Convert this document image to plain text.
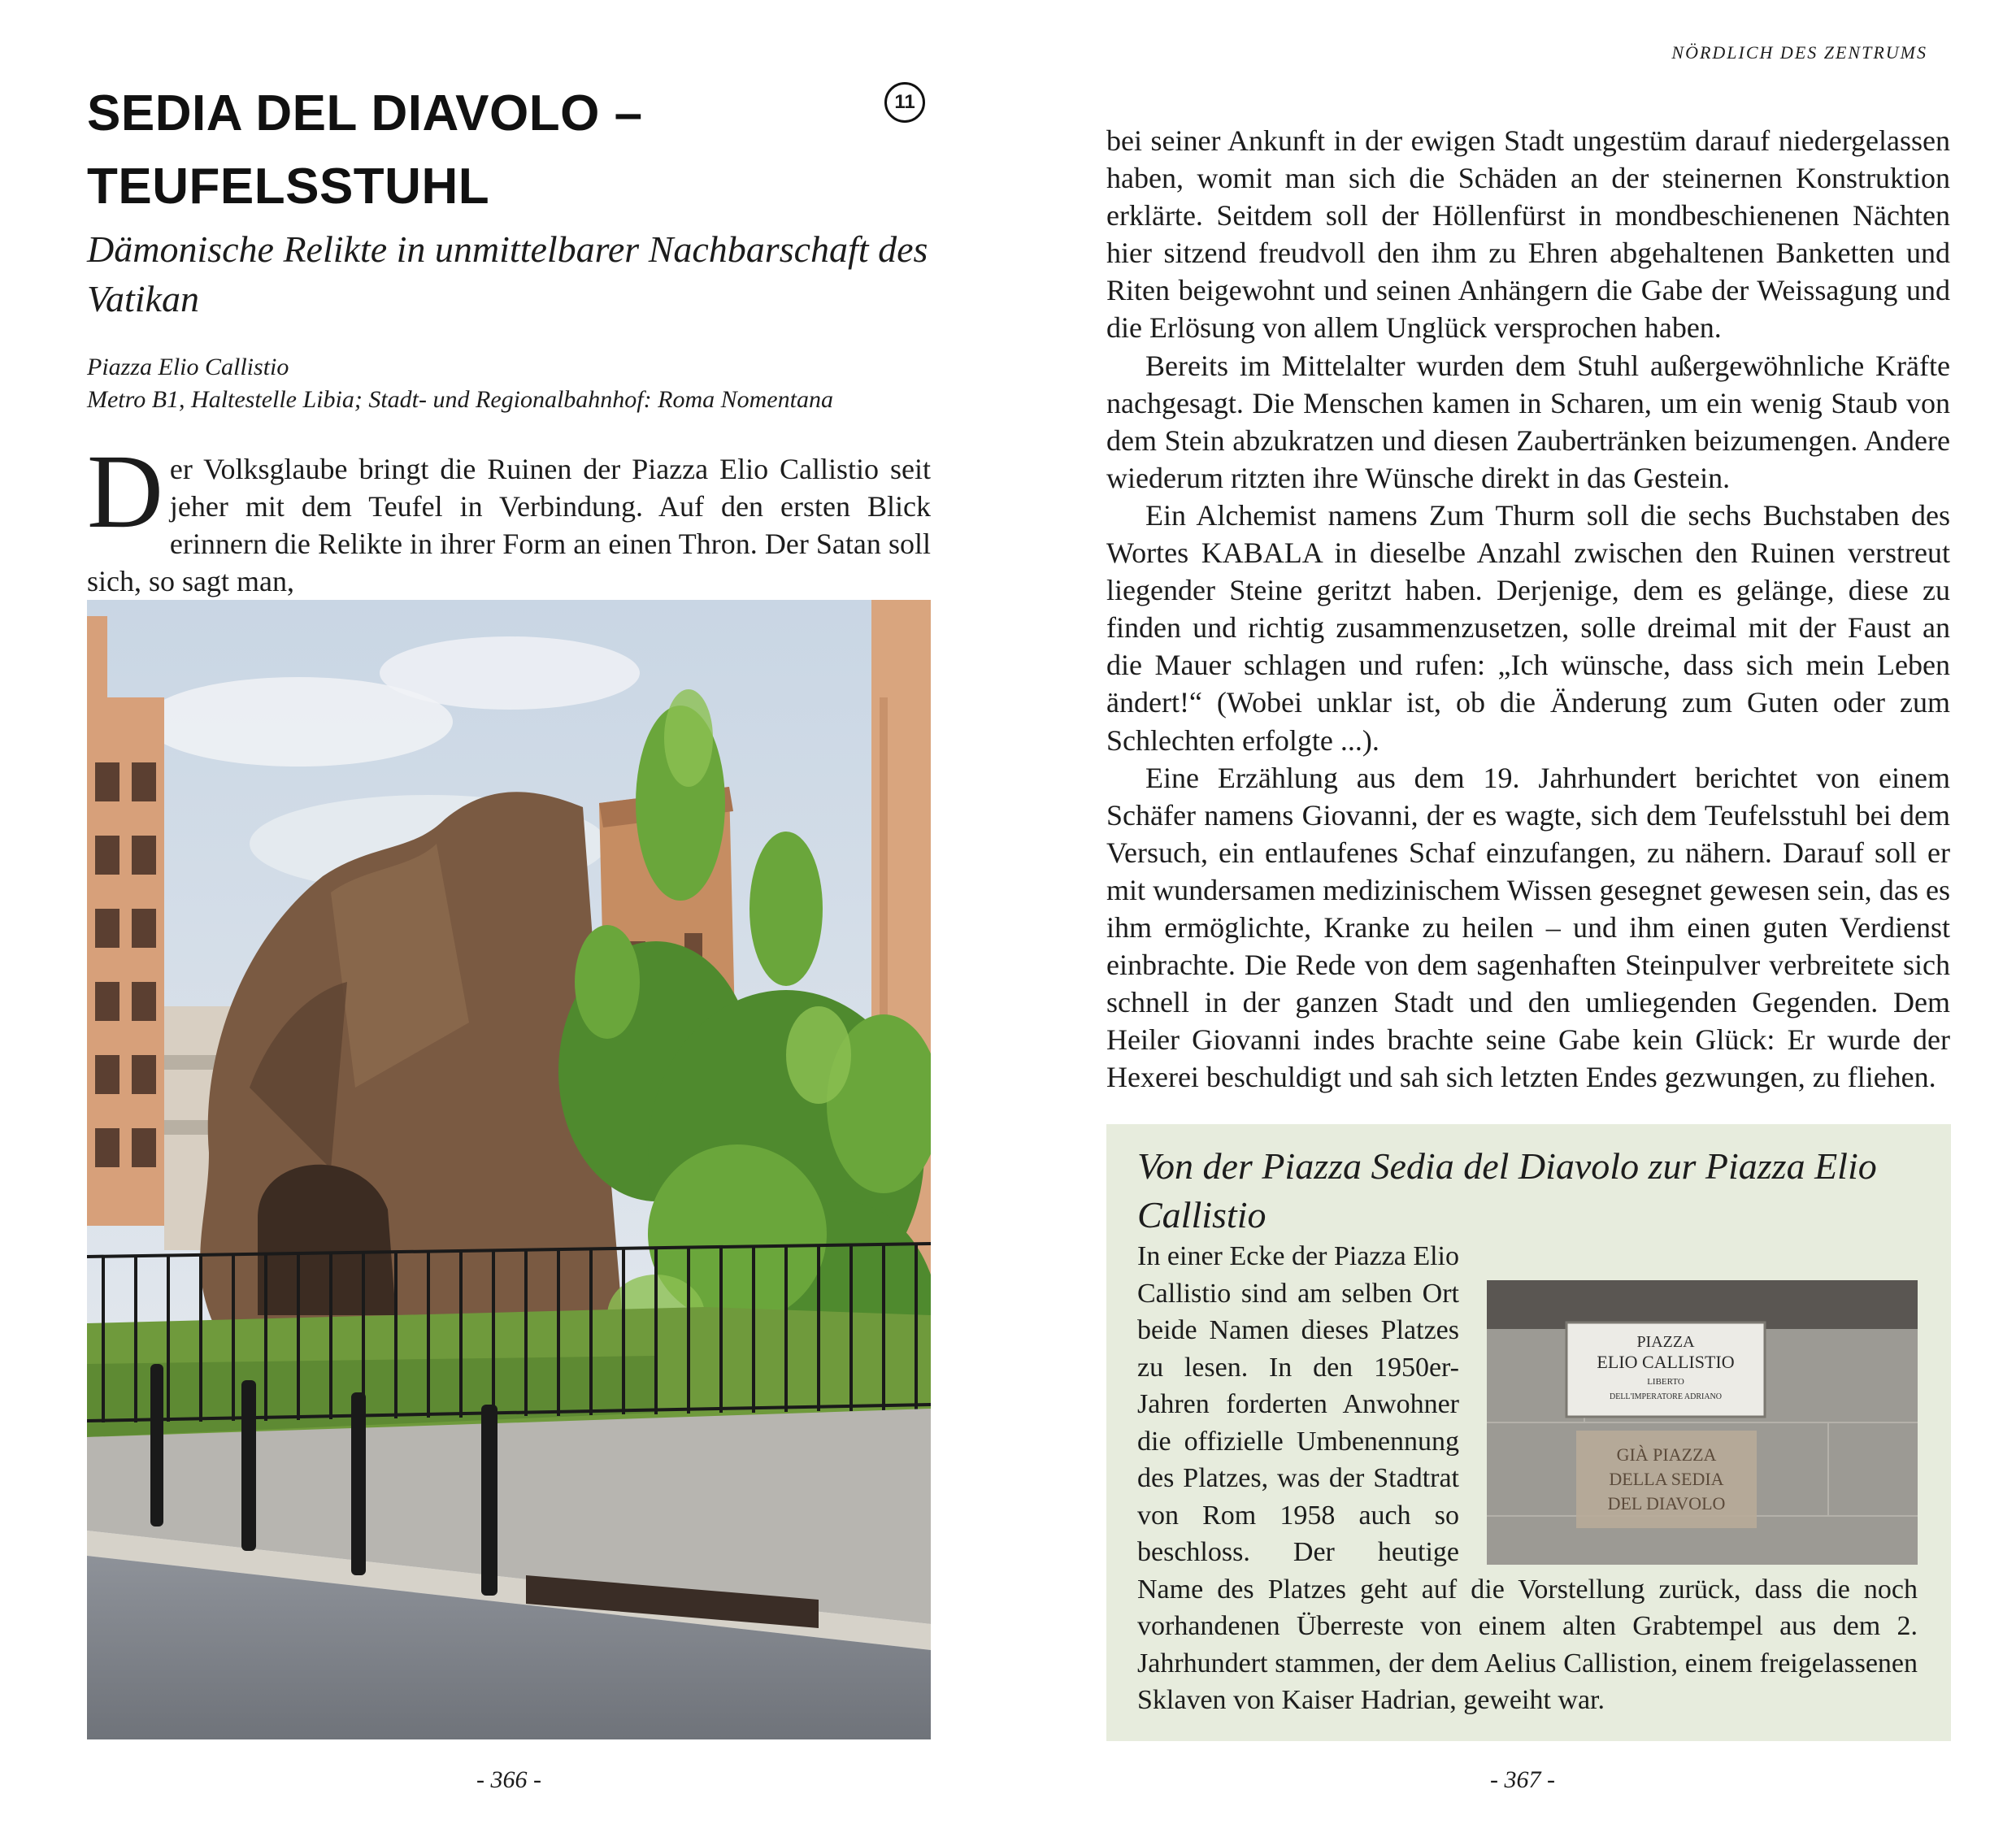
SEDIA DEL DIAVOLO –
TEUFELSSTUHL
11
Dämonische Relikte in unmittelbarer Nachbarschaft des Vatikan
Piazza Elio Callistio
Metro B1, Haltestelle Libia; Stadt- und Regionalbahnhof: Roma Nomentana
Der Volksglaube bringt die Ruinen der Piazza Elio Callistio seit jeher mit dem Teufel in Verbindung. Auf den ersten Blick erinnern die Relikte in ihrer Form an einen Thron. Der Satan soll sich, so sagt man,
- 366 -
NÖRDLICH DES ZENTRUMS

bei seiner Ankunft in der ewigen Stadt ungestüm darauf niedergelassen haben, womit man sich die Schäden an der steinernen Konstruktion erklärte. Seitdem soll der Höllenfürst in mondbeschienenen Nächten hier sitzend freudvoll den ihm zu Ehren abgehaltenen Banketten und Riten beigewohnt und seinen Anhängern die Gabe der Weissagung und die Erlösung von allem Unglück versprochen haben.

Bereits im Mittelalter wurden dem Stuhl außergewöhnliche Kräfte nachgesagt. Die Menschen kamen in Scharen, um ein wenig Staub von dem Stein abzukratzen und diesen Zaubertränken beizumengen. Andere wiederum ritzten ihre Wünsche direkt in das Gestein.

Ein Alchemist namens Zum Thurm soll die sechs Buchstaben des Wortes KABALA in dieselbe Anzahl zwischen den Ruinen verstreut liegender Steine geritzt haben. Derjenige, dem es gelänge, diese zu finden und richtig zusammenzusetzen, solle dreimal mit der Faust an die Mauer schlagen und rufen: „Ich wünsche, dass sich mein Leben ändert!“ (Wobei unklar ist, ob die Änderung zum Guten oder zum Schlechten erfolgte ...).

Eine Erzählung aus dem 19. Jahrhundert berichtet von einem Schäfer namens Giovanni, der es wagte, sich dem Teufelsstuhl bei dem Versuch, ein entlaufenes Schaf einzufangen, zu nähern. Darauf soll er mit wundersamen medizinischem Wissen gesegnet gewesen sein, das es ihm ermöglichte, Kranke zu heilen – und ihm einen guten Verdienst einbrachte. Die Rede von dem sagenhaften Steinpulver verbreitete sich schnell in der ganzen Stadt und den umliegenden Gegenden. Dem Heiler Giovanni indes brachte seine Gabe kein Glück: Er wurde der Hexerei beschuldigt und sah sich letzten Endes gezwungen, zu fliehen.

Von der Piazza Sedia del Diavolo zur Piazza Elio Callistio
PIAZZA
ELIO CALLISTIO
LIBERTO
DELL'IMPERATORE ADRIANO
GIÀ PIAZZA
DELLA SEDIA
DEL DIAVOLO
In einer Ecke der Piazza Elio Callistio sind am selben Ort beide Namen dieses Platzes zu lesen. In den 1950er-Jahren forderten Anwohner die offizielle Umbenennung des Platzes, was der Stadtrat von Rom 1958 auch so beschloss. Der heutige Name des Platzes geht auf die Vorstellung zurück, dass die noch vorhandenen Überreste von einem alten Grabtempel aus dem 2. Jahrhundert stammen, der dem Aelius Callistion, einem freigelassenen Sklaven von Kaiser Hadrian, geweiht war.
- 367 -
